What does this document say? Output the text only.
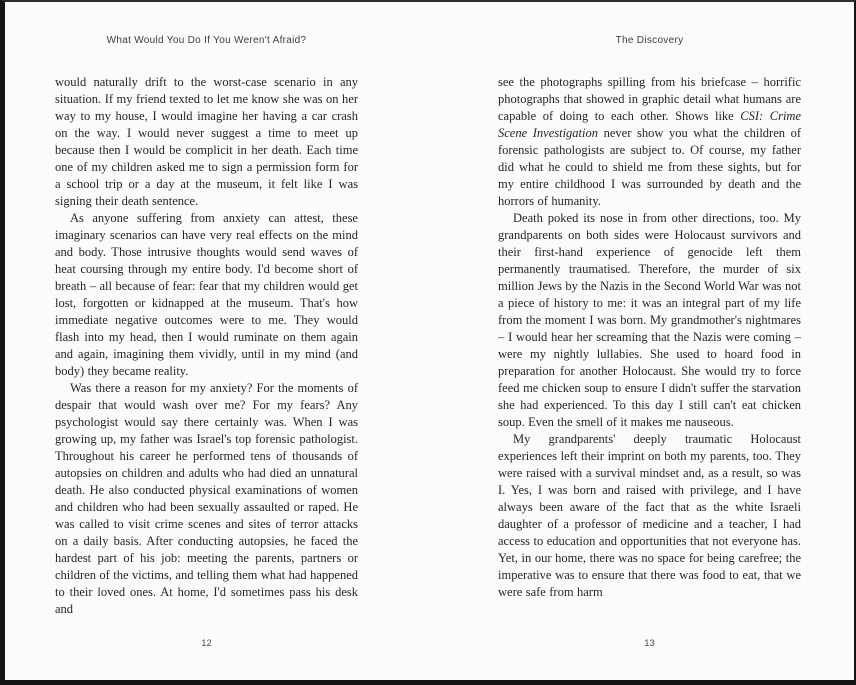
What Would You Do If You Weren't Afraid?

would naturally drift to the worst-case scenario in any situation. If my friend texted to let me know she was on her way to my house, I would imagine her having a car crash on the way. I would never suggest a time to meet up because then I would be complicit in her death. Each time one of my children asked me to sign a permission form for a school trip or a day at the museum, it felt like I was signing their death sentence.

As anyone suffering from anxiety can attest, these imaginary scenarios can have very real effects on the mind and body. Those intrusive thoughts would send waves of heat coursing through my entire body. I'd become short of breath – all because of fear: fear that my children would get lost, forgotten or kidnapped at the museum. That's how immediate negative outcomes were to me. They would flash into my head, then I would ruminate on them again and again, imagining them vividly, until in my mind (and body) they became reality.

Was there a reason for my anxiety? For the moments of despair that would wash over me? For my fears? Any psychologist would say there certainly was. When I was growing up, my father was Israel's top forensic pathologist. Throughout his career he performed tens of thousands of autopsies on children and adults who had died an unnatural death. He also conducted physical examinations of women and children who had been sexually assaulted or raped. He was called to visit crime scenes and sites of terror attacks on a daily basis. After conducting autopsies, he faced the hardest part of his job: meeting the parents, partners or children of the victims, and telling them what had happened to their loved ones. At home, I'd sometimes pass his desk and

12
The Discovery

see the photographs spilling from his briefcase – horrific photographs that showed in graphic detail what humans are capable of doing to each other. Shows like CSI: Crime Scene Investigation never show you what the children of forensic pathologists are subject to. Of course, my father did what he could to shield me from these sights, but for my entire childhood I was surrounded by death and the horrors of humanity.

Death poked its nose in from other directions, too. My grandparents on both sides were Holocaust survivors and their first-hand experience of genocide left them permanently traumatised. Therefore, the murder of six million Jews by the Nazis in the Second World War was not a piece of history to me: it was an integral part of my life from the moment I was born. My grandmother's nightmares – I would hear her screaming that the Nazis were coming – were my nightly lullabies. She used to hoard food in preparation for another Holocaust. She would try to force feed me chicken soup to ensure I didn't suffer the starvation she had experienced. To this day I still can't eat chicken soup. Even the smell of it makes me nauseous.

My grandparents' deeply traumatic Holocaust experiences left their imprint on both my parents, too. They were raised with a survival mindset and, as a result, so was I. Yes, I was born and raised with privilege, and I have always been aware of the fact that as the white Israeli daughter of a professor of medicine and a teacher, I had access to education and opportunities that not everyone has. Yet, in our home, there was no space for being carefree; the imperative was to ensure that there was food to eat, that we were safe from harm

13
